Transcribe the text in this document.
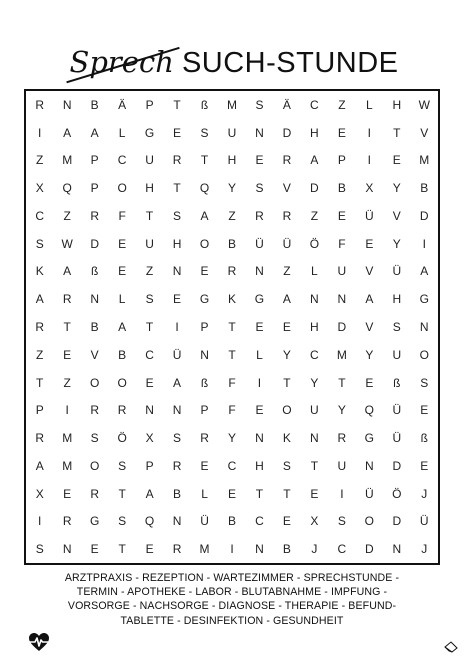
Sprech SUCH-STUNDE
R	N	B	Ä	P	T	ß	M	S	Ä	C	Z	L	H	W
I	A	A	L	G	E	S	U	N	D	H	E	I	T	V
Z	M	P	C	U	R	T	H	E	R	A	P	I	E	M
X	Q	P	O	H	T	Q	Y	S	V	D	B	X	Y	B
C	Z	R	F	T	S	A	Z	R	R	Z	E	Ü	V	D
S	W	D	E	U	H	O	B	Ü	Ü	Ö	F	E	Y	I
K	A	ß	E	Z	N	E	R	N	Z	L	U	V	Ü	A
A	R	N	L	S	E	G	K	G	A	N	N	A	H	G
R	T	B	A	T	I	P	T	E	E	H	D	V	S	N
Z	E	V	B	C	Ü	N	T	L	Y	C	M	Y	U	O
T	Z	O	O	E	A	ß	F	I	T	Y	T	E	ß	S
P	I	R	R	N	N	P	F	E	O	U	Y	Q	Ü	E
R	M	S	Ö	X	S	R	Y	N	K	N	R	G	Ü	ß
A	M	O	S	P	R	E	C	H	S	T	U	N	D	E
X	E	R	T	A	B	L	E	T	T	E	I	Ü	Ö	J
I	R	G	S	Q	N	Ü	B	C	E	X	S	O	D	Ü
S	N	E	T	E	R	M	I	N	B	J	C	D	N	J
ARZTPRAXIS - REZEPTION - WARTEZIMMER - SPRECHSTUNDE -
TERMIN - APOTHEKE - LABOR - BLUTABNAHME - IMPFUNG -
VORSORGE - NACHSORGE - DIAGNOSE - THERAPIE - BEFUND-
TABLETTE - DESINFEKTION - GESUNDHEIT
